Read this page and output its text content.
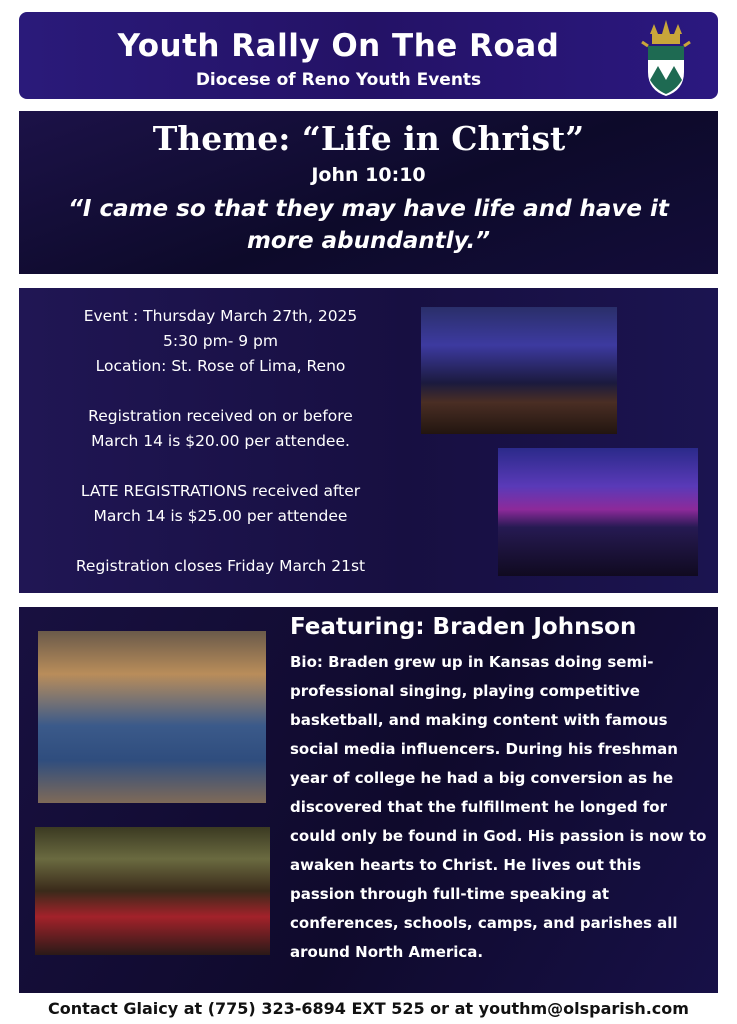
Youth Rally On The Road
Diocese of Reno Youth Events
Theme: “Life in Christ”
John 10:10
“I came so that they may have life and have it more abundantly.”
Event : Thursday March 27th, 2025
5:30 pm- 9 pm
Location: St. Rose of Lima, Reno
Registration received on or before
March 14 is $20.00 per attendee.
LATE REGISTRATIONS received after
March 14 is $25.00 per attendee
Registration closes Friday March 21st
Featuring: Braden Johnson
Bio: Braden grew up in Kansas doing semi-professional singing, playing competitive basketball, and making content with famous social media influencers. During his freshman year of college he had a big conversion as he discovered that the fulfillment he longed for could only be found in God. His passion is now to awaken hearts to Christ. He lives out this passion through full-time speaking at conferences, schools, camps, and parishes all around North America.
Contact Glaicy at (775) 323-6894 EXT 525 or at youthm@olsparish.com
